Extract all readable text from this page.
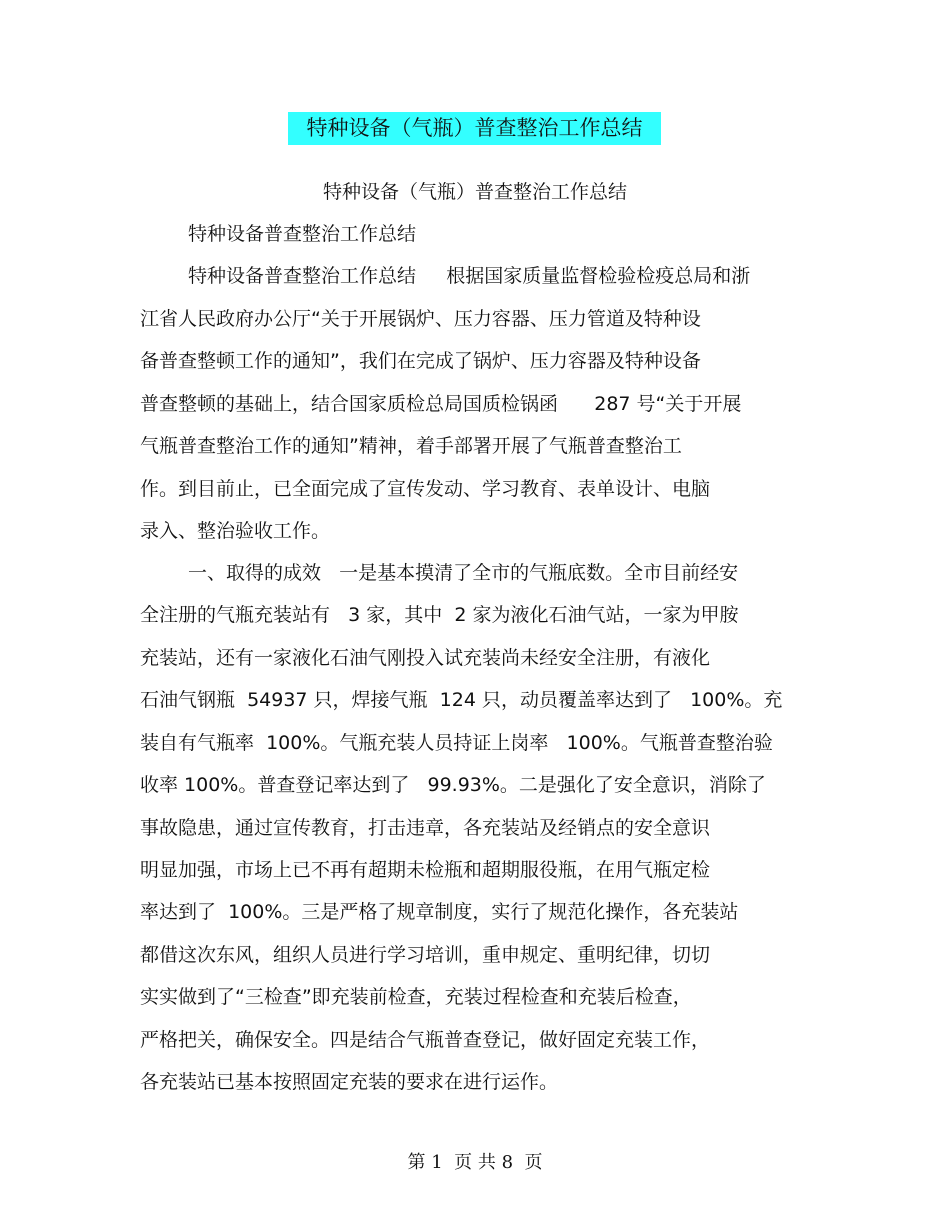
特种设备（气瓶）普查整治工作总结
特种设备（气瓶）普查整治工作总结
特种设备普查整治工作总结
特种设备普查整治工作总结     根据国家质量监督检验检疫总局和浙
江省人民政府办公厅“关于开展锅炉、压力容器、压力管道及特种设
备普查整顿工作的通知”，我们在完成了锅炉、压力容器及特种设备
普查整顿的基础上，结合国家质检总局国质检锅函      287 号“关于开展
气瓶普查整治工作的通知”精神，着手部署开展了气瓶普查整治工
作。到目前止，已全面完成了宣传发动、学习教育、表单设计、电脑
录入、整治验收工作。
一、取得的成效   一是基本摸清了全市的气瓶底数。全市目前经安
全注册的气瓶充装站有   3 家，其中  2 家为液化石油气站，一家为甲胺
充装站，还有一家液化石油气刚投入试充装尚未经安全注册，有液化
石油气钢瓶  54937 只，焊接气瓶  124 只，动员覆盖率达到了   100%。充
装自有气瓶率  100%。气瓶充装人员持证上岗率   100%。气瓶普查整治验
收率 100%。普查登记率达到了   99.93%。二是强化了安全意识，消除了
事故隐患，通过宣传教育，打击违章，各充装站及经销点的安全意识
明显加强，市场上已不再有超期未检瓶和超期服役瓶，在用气瓶定检
率达到了  100%。三是严格了规章制度，实行了规范化操作，各充装站
都借这次东风，组织人员进行学习培训，重申规定、重明纪律，切切
实实做到了“三检查”即充装前检查，充装过程检查和充装后检查，
严格把关，确保安全。四是结合气瓶普查登记，做好固定充装工作，
各充装站已基本按照固定充装的要求在进行运作。
第 1  页 共 8  页
